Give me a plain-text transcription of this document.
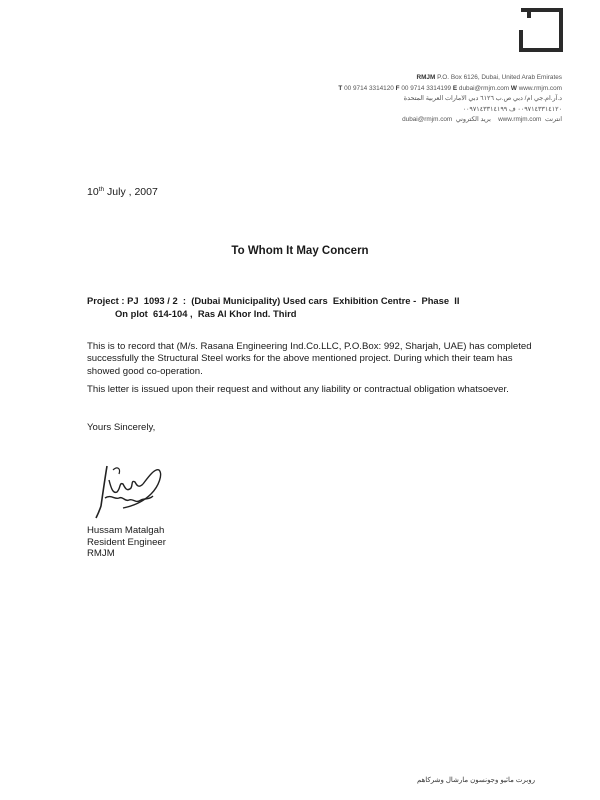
RMJM P.O. Box 6126, Dubai, United Arab Emirates
T 00 9714 3314120 F 00 9714 3314199 E dubai@rmjm.com W www.rmjm.com
د.آر.ام.جي ام/ دبي ص.ب ٦١٢٦ دبي الامارات العربية المتحدة
٠٠٩٧١٤٣٣١٤١٢٠ ف ٠٠٩٧١٤٣٣١٤١٩٩
dubai@rmjm.com بريد الكتروني www.rmjm.com انترنت
10th July , 2007
To Whom It May Concern
Project : PJ  1093 / 2  :  (Dubai Municipality) Used cars  Exhibition Centre -  Phase  II
On plot  614-104 ,  Ras Al Khor Ind. Third
This is to record that (M/s. Rasana Engineering Ind.Co.LLC, P.O.Box: 992, Sharjah, UAE) has completed successfully the Structural Steel works for the above mentioned project. During which their team has showed good co-operation.
This letter is issued upon their request and without any liability or contractual obligation whatsoever.
Yours Sincerely,
Hussam Matalgah
Resident Engineer
RMJM
روبرت ماثيو وجونسون مارشال وشركاهم
